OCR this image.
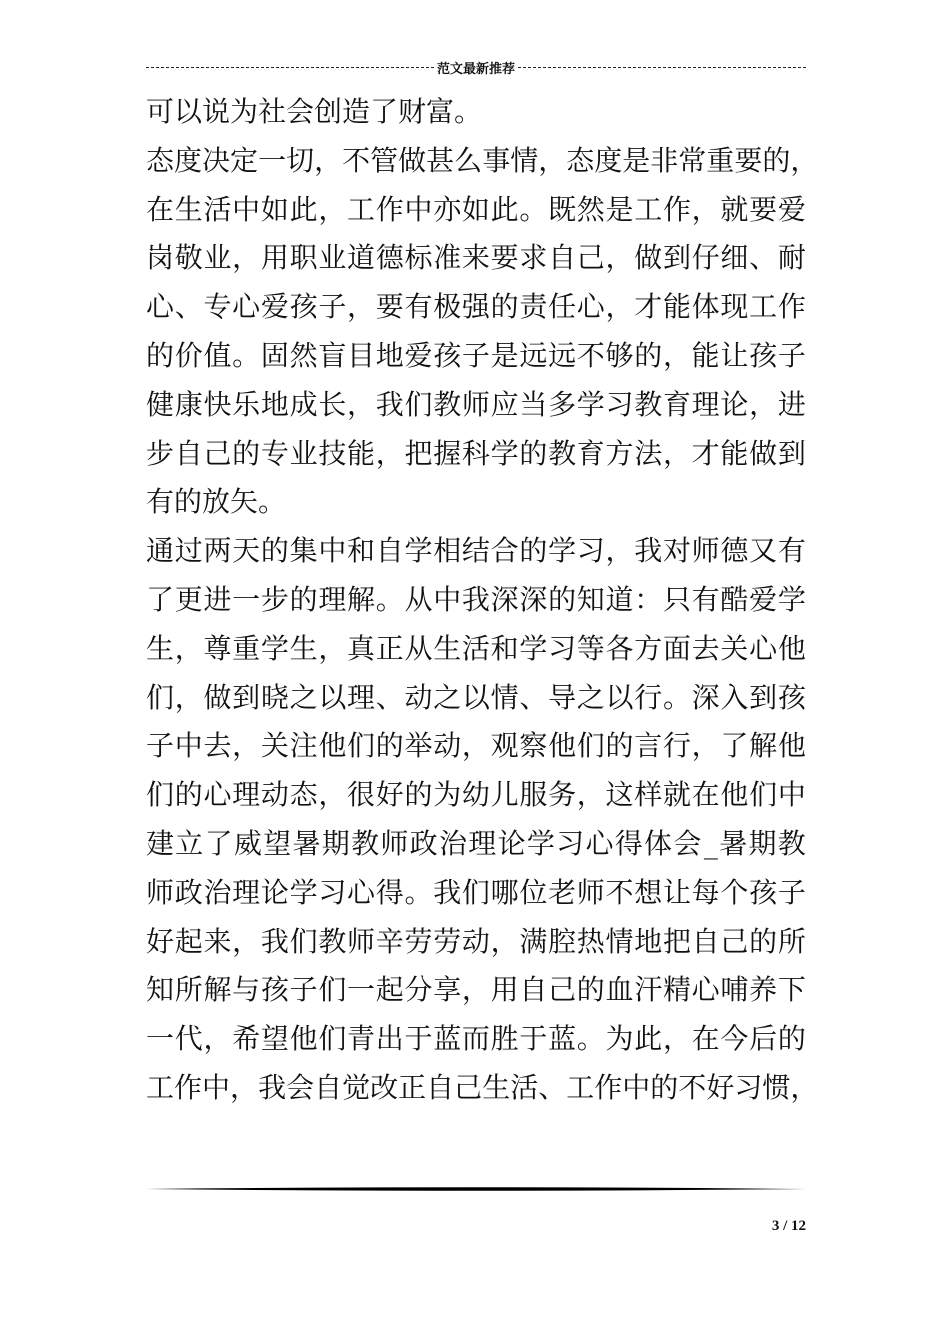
范文最新推荐
可以说为社会创造了财富。
态 度 决 定 一 切 ， 不 管 做 甚 么 事 情 ， 态 度 是 非 常 重 要 的 ，
在 生 活 中 如 此 ， 工 作 中 亦 如 此 。 既 然 是 工 作 ， 就 要 爱
岗 敬 业 ， 用 职 业 道 德 标 准 来 要 求 自 己 ， 做 到 仔 细 、 耐
心 、 专 心 爱 孩 子 ， 要 有 极 强 的 责 任 心 ， 才 能 体 现 工 作
的 价 值 。 固 然 盲 目 地 爱 孩 子 是 远 远 不 够 的 ， 能 让 孩 子
健 康 快 乐 地 成 长 ， 我 们 教 师 应 当 多 学 习 教 育 理 论 ， 进
步 自 己 的 专 业 技 能 ， 把 握 科 学 的 教 育 方 法 ， 才 能 做 到
有的放矢。
通 过 两 天 的 集 中 和 自 学 相 结 合 的 学 习 ， 我 对 师 德 又 有
了 更 进 一 步 的 理 解 。 从 中 我 深 深 的 知 道 ： 只 有 酷 爱 学
生 ， 尊 重 学 生 ， 真 正 从 生 活 和 学 习 等 各 方 面 去 关 心 他
们 ， 做 到 晓 之 以 理 、 动 之 以 情 、 导 之 以 行 。 深 入 到 孩
子 中 去 ， 关 注 他 们 的 举 动 ， 观 察 他 们 的 言 行 ， 了 解 他
们 的 心 理 动 态 ， 很 好 的 为 幼 儿 服 务 ， 这 样 就 在 他 们 中
建 立 了 威 望 暑 期 教 师 政 治 理 论 学 习 心 得 体 会 _ 暑 期 教
师 政 治 理 论 学 习 心 得 。 我 们 哪 位 老 师 不 想 让 每 个 孩 子
好 起 来 ， 我 们 教 师 辛 劳 劳 动 ， 满 腔 热 情 地 把 自 己 的 所
知 所 解 与 孩 子 们 一 起 分 享 ， 用 自 己 的 血 汗 精 心 哺 养 下
一 代 ， 希 望 他 们 青 出 于 蓝 而 胜 于 蓝 。 为 此 ， 在 今 后 的
工 作 中 ， 我 会 自 觉 改 正 自 己 生 活 、 工 作 中 的 不 好 习 惯 ，
3 / 12
